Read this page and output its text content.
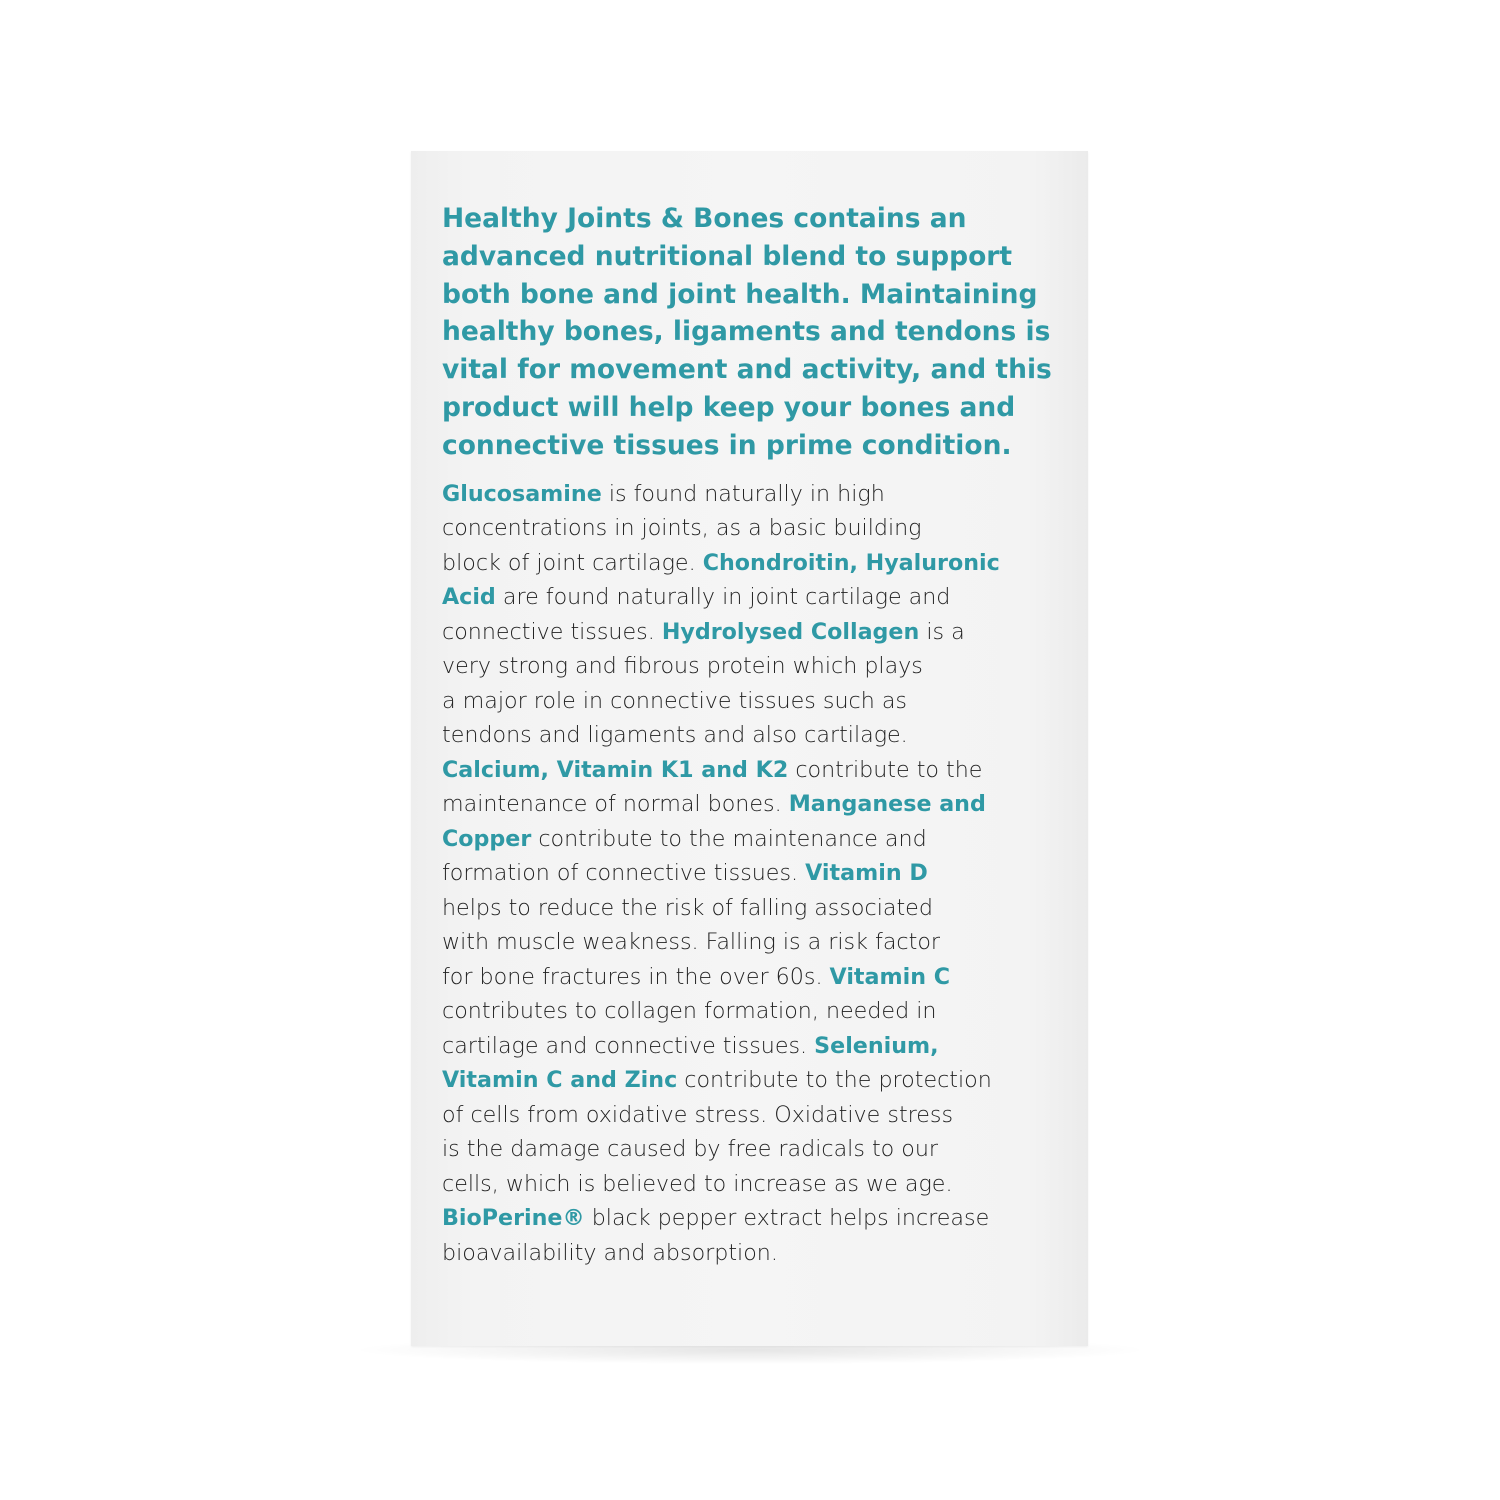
Healthy Joints & Bones contains an
advanced nutritional blend to support
both bone and joint health. Maintaining
healthy bones, ligaments and tendons is
vital for movement and activity, and this
product will help keep your bones and
connective tissues in prime condition.

Glucosamine is found naturally in high
concentrations in joints, as a basic building
block of joint cartilage. Chondroitin, Hyaluronic
Acid are found naturally in joint cartilage and
connective tissues. Hydrolysed Collagen is a
very strong and fibrous protein which plays
a major role in connective tissues such as
tendons and ligaments and also cartilage.
Calcium, Vitamin K1 and K2 contribute to the
maintenance of normal bones. Manganese and
Copper contribute to the maintenance and
formation of connective tissues. Vitamin D
helps to reduce the risk of falling associated
with muscle weakness. Falling is a risk factor
for bone fractures in the over 60s. Vitamin C
contributes to collagen formation, needed in
cartilage and connective tissues. Selenium,
Vitamin C and Zinc contribute to the protection
of cells from oxidative stress. Oxidative stress
is the damage caused by free radicals to our
cells, which is believed to increase as we age.
BioPerine® black pepper extract helps increase
bioavailability and absorption.
